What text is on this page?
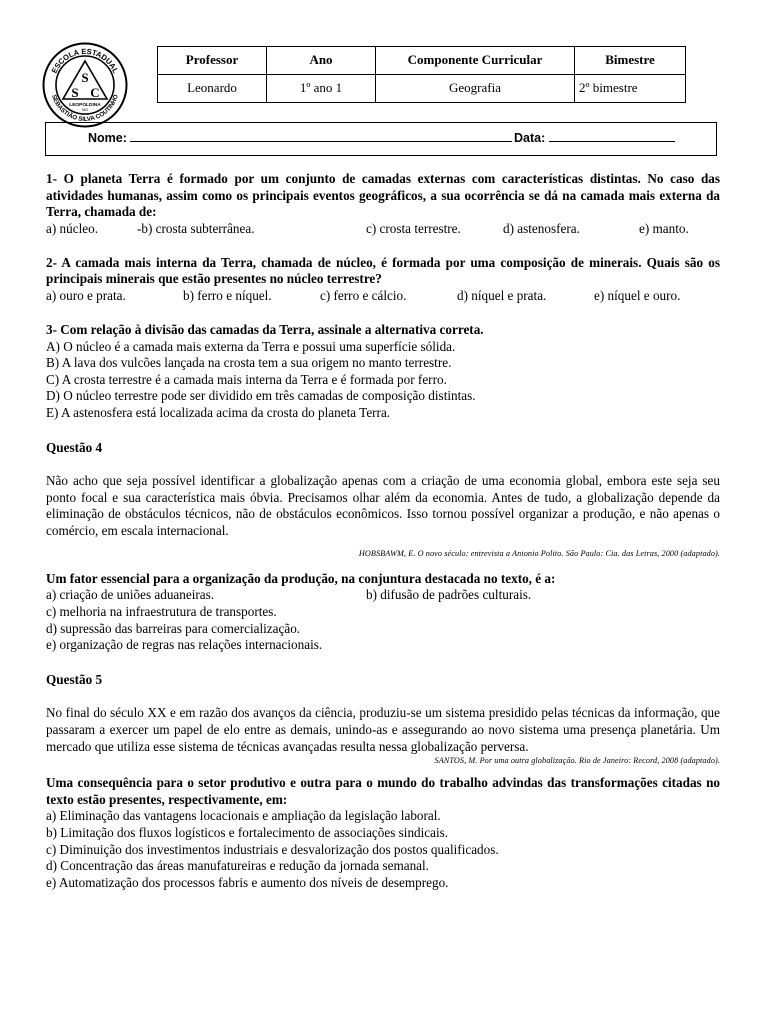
ESCOLA ESTADUAL
SEBASTIÃO SILVA COUTINHO
S
S C
LEOPOLDINA
MG
Professor	Ano	Componente Curricular	Bimestre
Leonardo	1º ano 1	Geografia	2º bimestre
Nome:	Data:

1- O planeta Terra é formado por um conjunto de camadas externas com características distintas. No caso das atividades humanas, assim como os principais eventos geográficos, a sua ocorrência se dá na camada mais externa da Terra, chamada de:

a) núcleo.	-b) crosta subterrânea.	c) crosta terrestre.	d) astenosfera.	e) manto.

2- A camada mais interna da Terra, chamada de núcleo, é formada por uma composição de minerais. Quais são os principais minerais que estão presentes no núcleo terrestre?

a) ouro e prata.	b) ferro e níquel.	c) ferro e cálcio.	d) níquel e prata.	e) níquel e ouro.

3- Com relação à divisão das camadas da Terra, assinale a alternativa correta.

A) O núcleo é a camada mais externa da Terra e possui uma superfície sólida.

B) A lava dos vulcões lançada na crosta tem a sua origem no manto terrestre.

C) A crosta terrestre é a camada mais interna da Terra e é formada por ferro.

D) O núcleo terrestre pode ser dividido em três camadas de composição distintas.

E) A astenosfera está localizada acima da crosta do planeta Terra.

Questão 4

Não acho que seja possível identificar a globalização apenas com a criação de uma economia global, embora este seja seu ponto focal e sua característica mais óbvia. Precisamos olhar além da economia. Antes de tudo, a globalização depende da eliminação de obstáculos técnicos, não de obstáculos econômicos. Isso tornou possível organizar a produção, e não apenas o comércio, em escala internacional.

HOBSBAWM, E. O novo século: entrevista a Antonio Polito. São Paulo: Cia. das Letras, 2000 (adaptado).

Um fator essencial para a organização da produção, na conjuntura destacada no texto, é a:

a) criação de uniões aduaneiras.	b) difusão de padrões culturais.

c) melhoria na infraestrutura de transportes.

d) supressão das barreiras para comercialização.

e) organização de regras nas relações internacionais.

Questão 5

No final do século XX e em razão dos avanços da ciência, produziu-se um sistema presidido pelas técnicas da informação, que passaram a exercer um papel de elo entre as demais, unindo-as e assegurando ao novo sistema uma presença planetária. Um mercado que utiliza esse sistema de técnicas avançadas resulta nessa globalização perversa.

SANTOS, M. Por uma outra globalização. Rio de Janeiro: Record, 2008 (adaptado).

Uma consequência para o setor produtivo e outra para o mundo do trabalho advindas das transformações citadas no texto estão presentes, respectivamente, em:

a) Eliminação das vantagens locacionais e ampliação da legislação laboral.

b) Limitação dos fluxos logísticos e fortalecimento de associações sindicais.

c) Diminuição dos investimentos industriais e desvalorização dos postos qualificados.

d) Concentração das áreas manufatureiras e redução da jornada semanal.

e) Automatização dos processos fabris e aumento dos níveis de desemprego.
